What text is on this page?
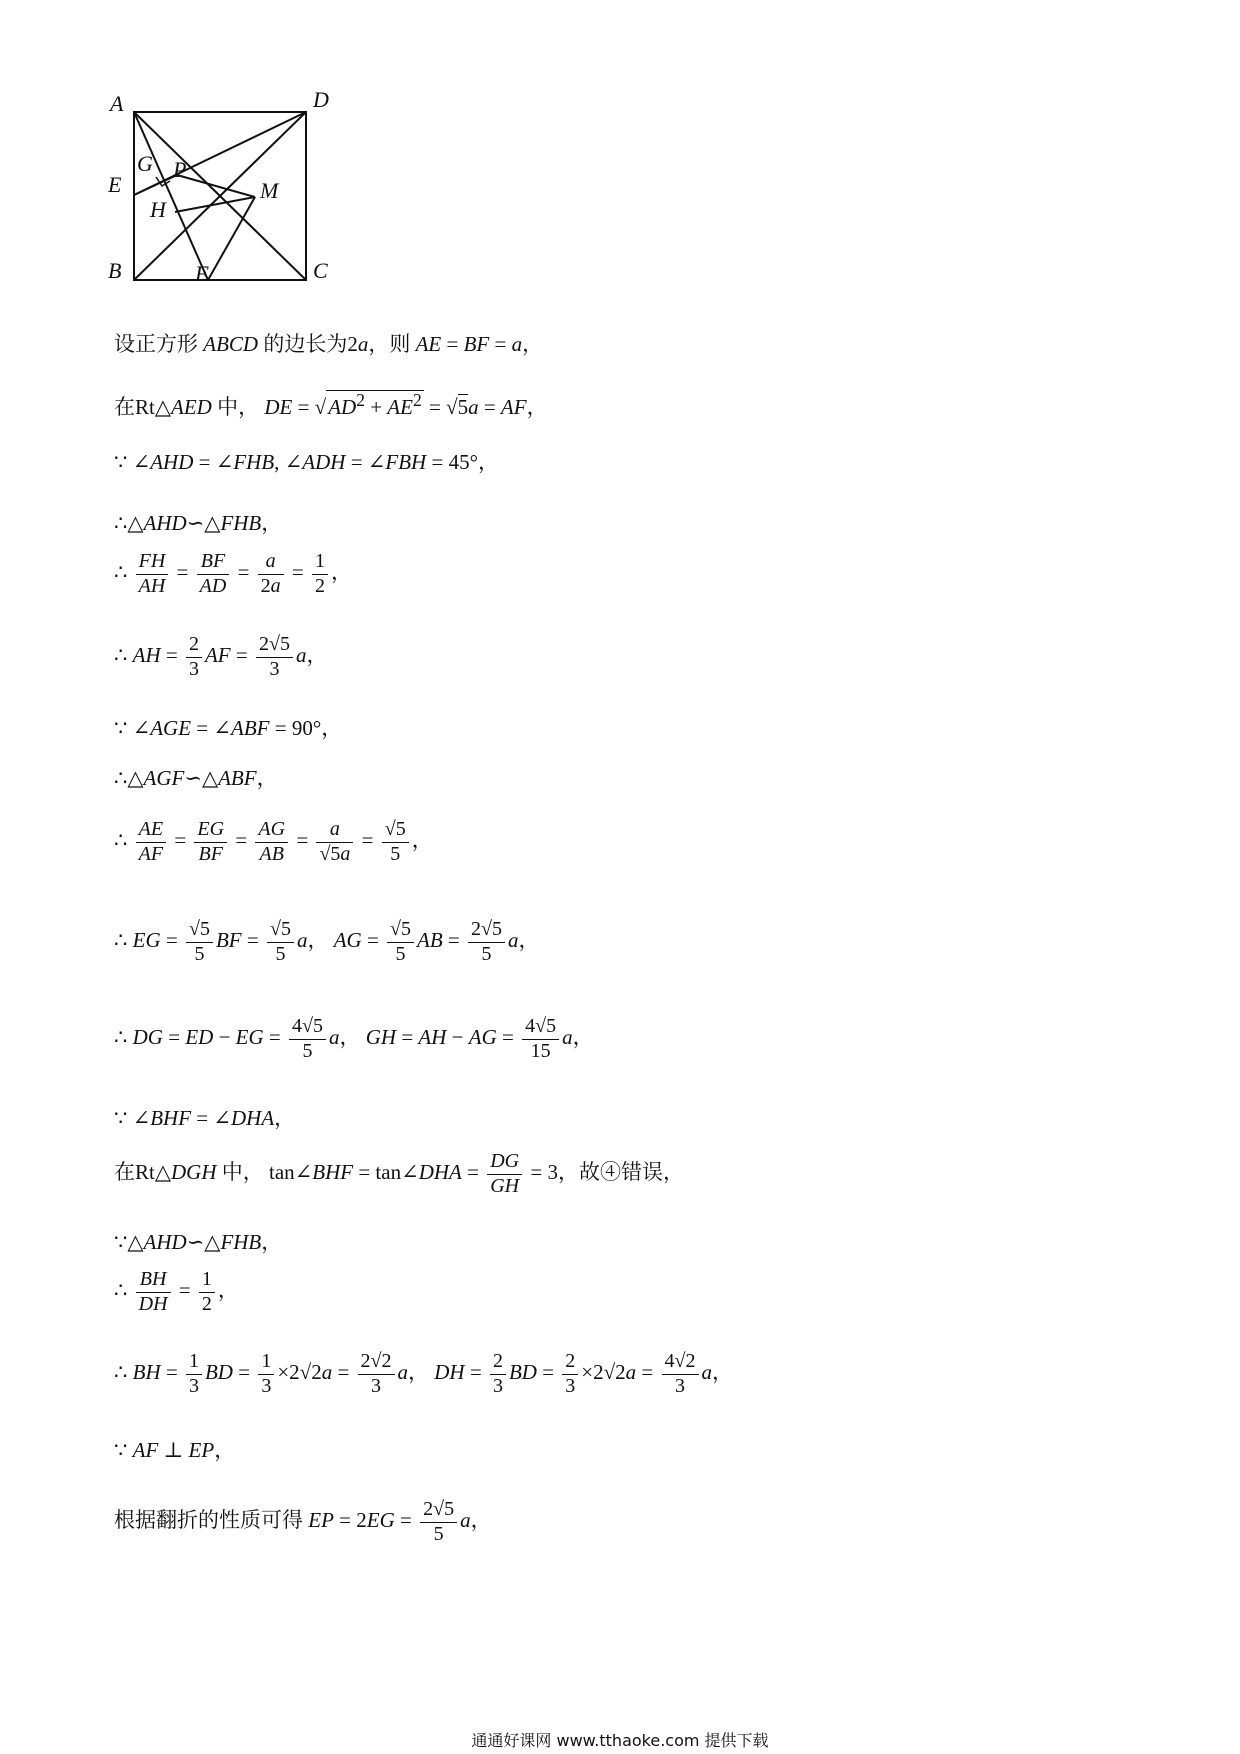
A	D
G P
E	M
H
B	F	C
设正方形 ABCD 的边长为2a，则 AE = BF = a，
在Rt△AED 中， DE = $√AD^2 + AE^2 = √5a$ = AF，
∵ ∠AHD = ∠FHB, ∠ADH = ∠FBH = 45°，
∴△AHD∽△FHB，
∴ $\frac{FH}{AH} = \frac{BF}{AD} = \frac{a}{2a} = \frac{1}{2}$ ，
∴ AH = $\frac{2}{3}$ AF = $\frac{2√5}{3}$ a，
∵ ∠AGE = ∠ABF = 90°，
∴△AGF∽△ABF，
∴ $\frac{AE}{AF} = \frac{EG}{BF} = \frac{AG}{AB} = \frac{a}{√5a} = \frac{√5}{5}$ ，
∴ EG = $\frac{√5}{5}$ BF = $\frac{√5}{5}$ a， AG = $\frac{√5}{5}$ AB = $\frac{2√5}{5}$ a，
∴ DG = ED − EG = $\frac{4√5}{5}$ a， GH = AH − AG = $\frac{4√5}{15}$ a，
∵ ∠BHF = ∠DHA，
在Rt△DGH 中， tan∠BHF = tan∠DHA = $\frac{DG}{GH} = 3$，故④错误，
∵△AHD∽△FHB，
∴ $\frac{BH}{DH} = \frac{1}{2}$ ，
∴ BH = $\frac{1}{3}$ BD = $\frac{1}{3} \times 2√2a = \frac{2√2}{3}$ a， DH = $\frac{2}{3}$ BD = $\frac{2}{3} \times 2√2a = \frac{4√2}{3}$ a，
∵ AF ⊥ EP，
根据翻折的性质可得 EP = $2EG = \frac{2√5}{5}$ a，
通通好课网 www.tthaoke.com 提供下载
